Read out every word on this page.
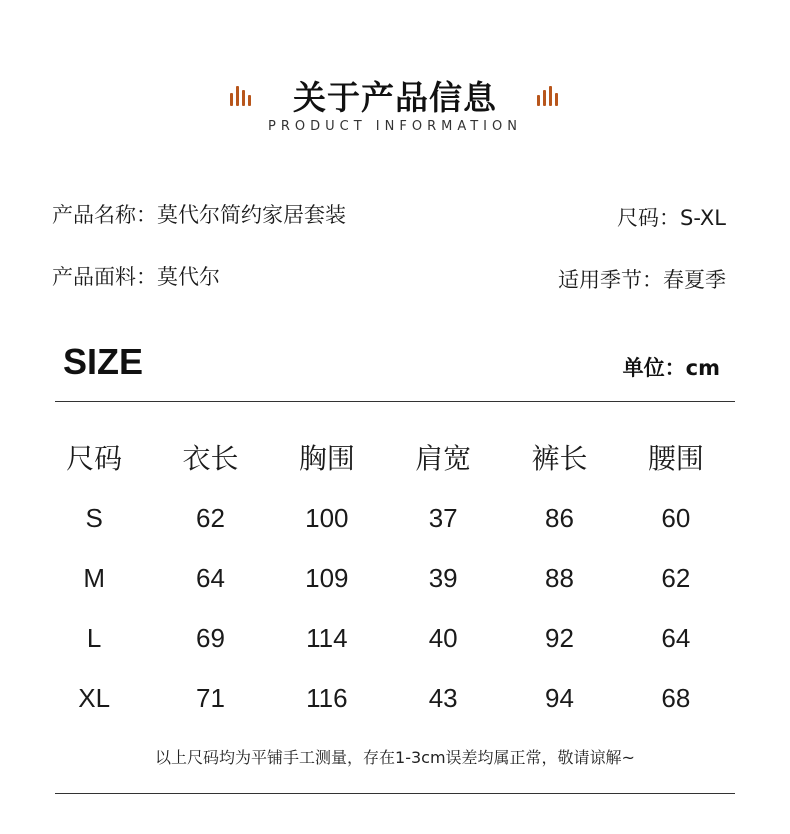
关于产品信息
PRODUCT INFORMATION
产品名称：莫代尔简约家居套装	尺码：S-XL
产品面料：莫代尔	适用季节：春夏季
SIZE	单位：cm
尺码	衣长	胸围	肩宽	裤长	腰围
S	62	100	37	86	60
M	64	109	39	88	62
L	69	114	40	92	64
XL	71	116	43	94	68
以上尺码均为平铺手工测量，存在1-3cm误差均属正常，敬请谅解~
